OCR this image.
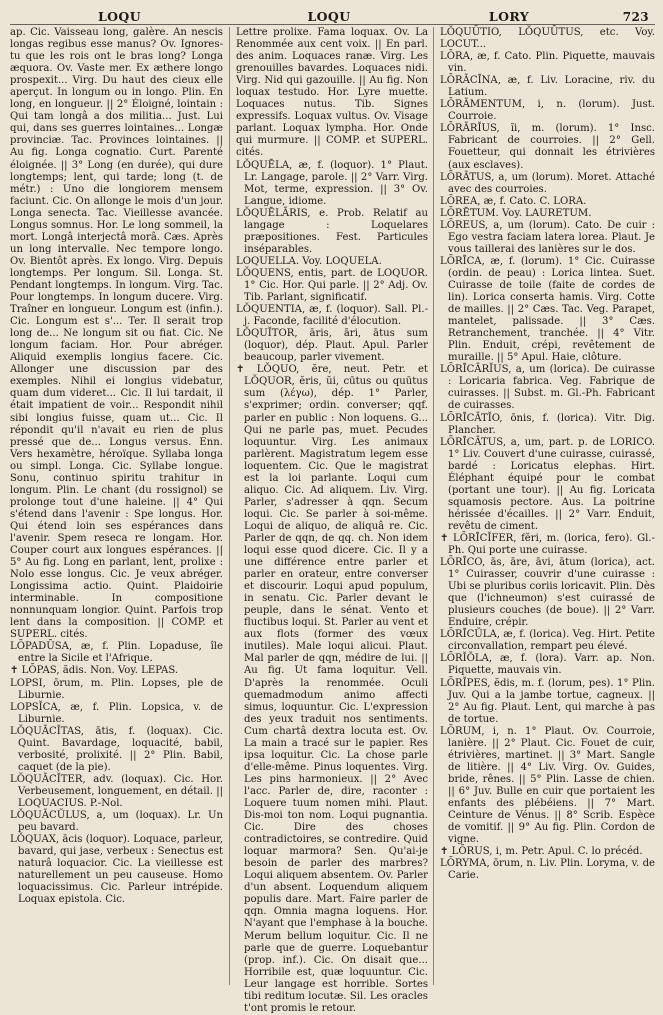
LOQU	LOQU	LORY	723

ap. Cic. Vaisseau long, galère. An nescis longas regibus esse manus? Ov. Ignores-tu que les rois ont le bras long? Longa æquora. Ov. Vaste mer. Ex æthere longo prospexit... Virg. Du haut des cieux elle aperçut. In longum ou in longo. Plin. En long, en longueur. || 2° Éloigné, lointain : Qui tam longâ a dos militia... Just. Lui qui, dans ses guerres lointaines... Longæ provinciæ. Tac. Provinces lointaines. || Au fig. Longa cognatio. Curt. Parenté éloignée. || 3° Long (en durée), qui dure longtemps; lent, qui tarde; long (t. de métr.) : Uno die longiorem mensem faciunt. Cic. On allonge le mois d'un jour. Longa senecta. Tac. Vieillesse avancée. Longus somnus. Hor. Le long sommeil, la mort. Longâ interjectâ morâ. Cæs. Après un long intervalle. Nec tempore longo. Ov. Bientôt après. Ex longo. Virg. Depuis longtemps. Per longum. Sil. Longa. St. Pendant longtemps. In longum. Virg. Tac. Pour longtemps. In longum ducere. Virg. Traîner en longueur. Longum est (infin.). Cic. Longum est s'... Ter. Il serait trop long de... Ne longum sit ou fiat. Cic. Ne longum faciam. Hor. Pour abréger. Aliquid exemplis longius facere. Cic. Allonger une discussion par des exemples. Nihil ei longius videbatur, quam dum videret... Cic. Il lui tardait, il était impatient de voir... Respondit nihil sibi longius fuisse, quam ut... Cic. Il répondit qu'il n'avait eu rien de plus pressé que de... Longus versus. Enn. Vers hexamètre, héroïque. Syllaba longa ou simpl. Longa. Cic. Syllabe longue. Sonu, continuo spiritu trahitur in longum. Plin. Le chant (du rossignol) se prolonge tout d'une haleine. || 4° Qui s'étend dans l'avenir : Spe longus. Hor. Qui étend loin ses espérances dans l'avenir. Spem reseca re longam. Hor. Couper court aux longues espérances. || 5° Au fig. Long en parlant, lent, prolixe : Nolo esse longus. Cic. Je veux abréger. Longissima actio. Quint. Plaidoirie interminable. In compositione nonnunquam longior. Quint. Parfois trop lent dans la composition. || COMP. et SUPERL. cités.

LŌPADŪSA, æ, f. Plin. Lopaduse, île entre la Sicile et l'Afrique.

✝ LŌPAS, ădis. Non. Voy. LEPAS.

LOPSI, ōrum, m. Plin. Lopses, ple de Liburnie.

LOPSĬCA, æ, f. Plin. Lopsica, v. de Liburnie.

LŎQUĀCĬTAS, ātis, f. (loquax). Cic. Quint. Bavardage, loquacité, babil, verbosité, prolixité. || 2° Plin. Babil, caquet (de la pie).

LŎQUĀCĬTER, adv. (loquax). Cic. Hor. Verbeusement, longuement, en détail. || LOQUACIUS. P.-Nol.

LŎQUĀCŬLUS, a, um (loquax). Lr. Un peu bavard.

LŎQUAX, ācis (loquor). Loquace, parleur, bavard, qui jase, verbeux : Senectus est naturâ loquacior. Cic. La vieillesse est naturellement un peu causeuse. Homo loquacissimus. Cic. Parleur intrépide. Loquax epistola. Cic.

Lettre prolixe. Fama loquax. Ov. La Renommée aux cent voix. || En parl. des anim. Loquaces ranæ. Virg. Les grenouilles bavardes. Loquaces nidi. Virg. Nid qui gazouille. || Au fig. Non loquax testudo. Hor. Lyre muette. Loquaces nutus. Tib. Signes expressifs. Loquax vultus. Ov. Visage parlant. Loquax lympha. Hor. Onde qui murmure. || COMP. et SUPERL. cités.

LŎQUĒLA, æ, f. (loquor). 1° Plaut. Lr. Langage, parole. || 2° Varr. Virg. Mot, terme, expression. || 3° Ov. Langue, idiome.

LŎQUĒLĀRIS, e. Prob. Relatif au langage : Loquelares præpositiones. Fest. Particules inséparables.

LOQUELLA. Voy. LOQUELA.

LŎQUENS, entis, part. de LOQUOR. 1° Cic. Hor. Qui parle. || 2° Adj. Ov. Tib. Parlant, significatif.

LŎQUENTIA, æ, f. (loquor). Sall. Pl.-j. Faconde, facilité d'élocution.

LŎQUĬTOR, āris, āri, ātus sum (loquor), dép. Plaut. Apul. Parler beaucoup, parler vivement.

✝ LŎQUO, ĕre, neut. Petr. et LŎQUOR, ĕris, ŭi, cūtus ou quūtus sum (λέγω), dép. 1° Parler, s'exprimer; ordin. converser; qqf. parler en public : Non loquens. G... Qui ne parle pas, muet. Pecudes loquuntur. Virg. Les animaux parlèrent. Magistratum legem esse loquentem. Cic. Que le magistrat est la loi parlante. Loqui cum aliquo. Cic. Ad aliquem. Liv. Virg. Parler, s'adresser à qqn. Secum loqui. Cic. Se parler à soi-même. Loqui de aliquo, de aliquâ re. Cic. Parler de qqn, de qq. ch. Non idem loqui esse quod dicere. Cic. Il y a une différence entre parler et parler en orateur, entre converser et discourir. Loqui apud populum, in senatu. Cic. Parler devant le peuple, dans le sénat. Vento et fluctibus loqui. St. Parler au vent et aux flots (former des vœux inutiles). Male loqui alicui. Plaut. Mal parler de qqn, médire de lui. || Au fig. Ut fama loquitur. Vell. D'après la renommée. Oculi quemadmodum animo affecti simus, loquuntur. Cic. L'expression des yeux traduit nos sentiments. Cum chartâ dextra locuta est. Ov. La main a tracé sur le papier. Res ipsa loquitur. Cic. La chose parle d'elle-même. Pinus loquentes. Virg. Les pins harmonieux. || 2° Avec l'acc. Parler de, dire, raconter : Loquere tuum nomen mihi. Plaut. Dis-moi ton nom. Loqui pugnantia. Cic. Dire des choses contradictoires, se contredire. Quid loquar marmora? Sen. Qu'ai-je besoin de parler des marbres? Loqui aliquem absentem. Ov. Parler d'un absent. Loquendum aliquem populis dare. Mart. Faire parler de qqn. Omnia magna loquens. Hor. N'ayant que l'emphase à la bouche. Merum bellum loquitur. Cic. Il ne parle que de guerre. Loquebantur (prop. inf.). Cic. On disait que... Horribile est, quæ loquuntur. Cic. Leur langage est horrible. Sortes tibi reditum locutæ. Sil. Les oracles t'ont promis le retour.

LŎQUŪTIO, LŎQUŪTUS, etc. Voy. LOCUT...

LŌRA, æ, f. Cato. Plin. Piquette, mauvais vin.

LŌRĀCĪNA, æ, f. Liv. Loracine, riv. du Latium.

LŌRĀMENTUM, i, n. (lorum). Just. Courroie.

LŌRĀRĬUS, ĭi, m. (lorum). 1° Insc. Fabricant de courroies. || 2° Gell. Fouetteur, qui donnait les étrivières (aux esclaves).

LŌRĀTUS, a, um (lorum). Moret. Attaché avec des courroies.

LŌREA, æ, f. Cato. C. LORA.

LŌRĒTUM. Voy. LAURETUM.

LŌREUS, a, um (lorum). Cato. De cuir : Ego vestra faciam latera lorea. Plaut. Je vous taillerai des lanières sur le dos.

LŌRĪCA, æ, f. (lorum). 1° Cic. Cuirasse (ordin. de peau) : Lorica lintea. Suet. Cuirasse de toile (faite de cordes de lin). Lorica conserta hamis. Virg. Cotte de mailles. || 2° Cæs. Tac. Veg. Parapet, mantelet, palissade. || 3° Cæs. Retranchement, tranchée. || 4° Vitr. Plin. Enduit, crépi, revêtement de muraille. || 5° Apul. Haie, clôture.

LŌRĪCĀRĬUS, a, um (lorica). De cuirasse : Loricaria fabrica. Veg. Fabrique de cuirasses. || Subst. m. Gl.-Ph. Fabricant de cuirasses.

LŌRĪCĀTĬO, ōnis, f. (lorica). Vitr. Dig. Plancher.

LŌRĪCĀTUS, a, um, part. p. de LORICO. 1° Liv. Couvert d'une cuirasse, cuirassé, bardé : Loricatus elephas. Hirt. Éléphant équipé pour le combat (portant une tour). || Au fig. Loricata squamosis pectore. Aus. La poitrine hérissée d'écailles. || 2° Varr. Enduit, revêtu de ciment.

✝ LŌRĪCĬFER, fĕri, m. (lorica, fero). Gl.-Ph. Qui porte une cuirasse.

LŌRĪCO, ās, āre, āvi, ātum (lorica), act. 1° Cuirasser, couvrir d'une cuirasse : Ubi se pluribus coriis loricavit. Plin. Dès que (l'ichneumon) s'est cuirassé de plusieurs couches (de boue). || 2° Varr. Enduire, crépir.

LŌRĪCŬLA, æ, f. (lorica). Veg. Hirt. Petite circonvallation, rempart peu élevé.

LŌRĬŎLA, æ, f. (lora). Varr. ap. Non. Piquette, mauvais vin.

LŌRĬPES, ĕdis, m. f. (lorum, pes). 1° Plin. Juv. Qui a la jambe tortue, cagneux. || 2° Au fig. Plaut. Lent, qui marche à pas de tortue.

LŌRUM, i, n. 1° Plaut. Ov. Courroie, lanière. || 2° Plaut. Cic. Fouet de cuir, étrivières, martinet. || 3° Mart. Sangle de litière. || 4° Liv. Virg. Ov. Guides, bride, rênes. || 5° Plin. Lasse de chien. || 6° Juv. Bulle en cuir que portaient les enfants des plébéiens. || 7° Mart. Ceinture de Vénus. || 8° Scrib. Espèce de vomitif. || 9° Au fig. Plin. Cordon de vigne.

✝ LŌRUS, i, m. Petr. Apul. C. lo précéd.

LŌRYMA, ōrum, n. Liv. Plin. Loryma, v. de Carie.
